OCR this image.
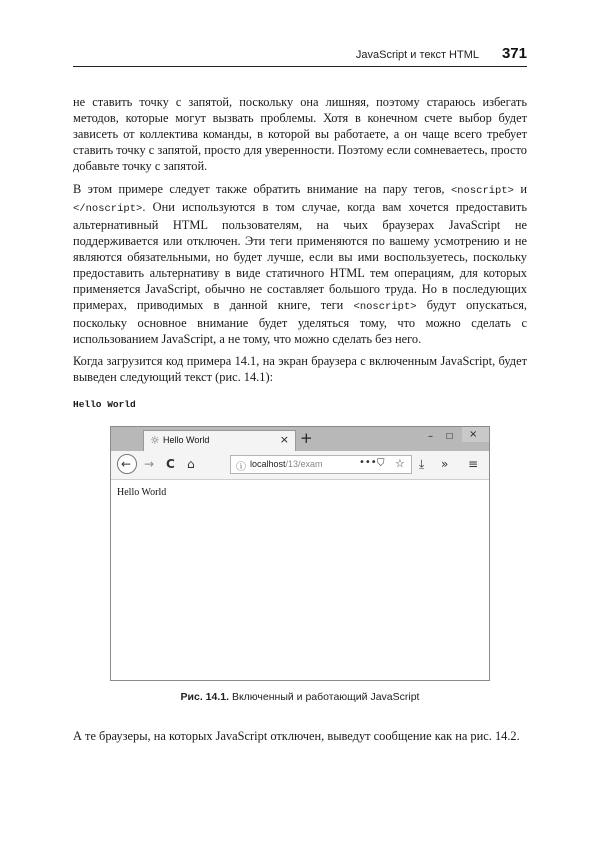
JavaScript и текст HTML 371

не ставить точку с запятой, поскольку она лишняя, поэтому стараюсь избегать методов, которые могут вызвать проблемы. Хотя в конечном счете выбор будет зависеть от коллектива команды, в которой вы работаете, а он чаще всего требует ставить точку с запятой, просто для уверенности. Поэтому если сомневаетесь, просто добавьте точку с запятой.

В этом примере следует также обратить внимание на пару тегов, <noscript> и </noscript>. Они используются в том случае, когда вам хочется предоставить альтернативный HTML пользователям, на чьих браузерах JavaScript не поддерживается или отключен. Эти теги применяются по вашему усмотрению и не являются обязательными, но будет лучше, если вы ими воспользуетесь, поскольку предоставить альтернативу в виде статичного HTML тем операциям, для которых применяется JavaScript, обычно не составляет большого труда. Но в последующих примерах, приводимых в данной книге, теги <noscript> будут опускаться, поскольку основное внимание будет уделяться тому, что можно сделать с использованием JavaScript, а не тому, что можно сделать без него.

Когда загрузится код примера 14.1, на экран браузера с включенным JavaScript, будет выведен следующий текст (рис. 14.1):

Hello World
☼ Hello World	× +	– ☐ ×
← → C ⌂	ⓘ localhost/13/exam	••• ⛉ ☆ ⤓ » ≡
Hello World
Рис. 14.1. Включенный и работающий JavaScript

А те браузеры, на которых JavaScript отключен, выведут сообщение как на рис. 14.2.
